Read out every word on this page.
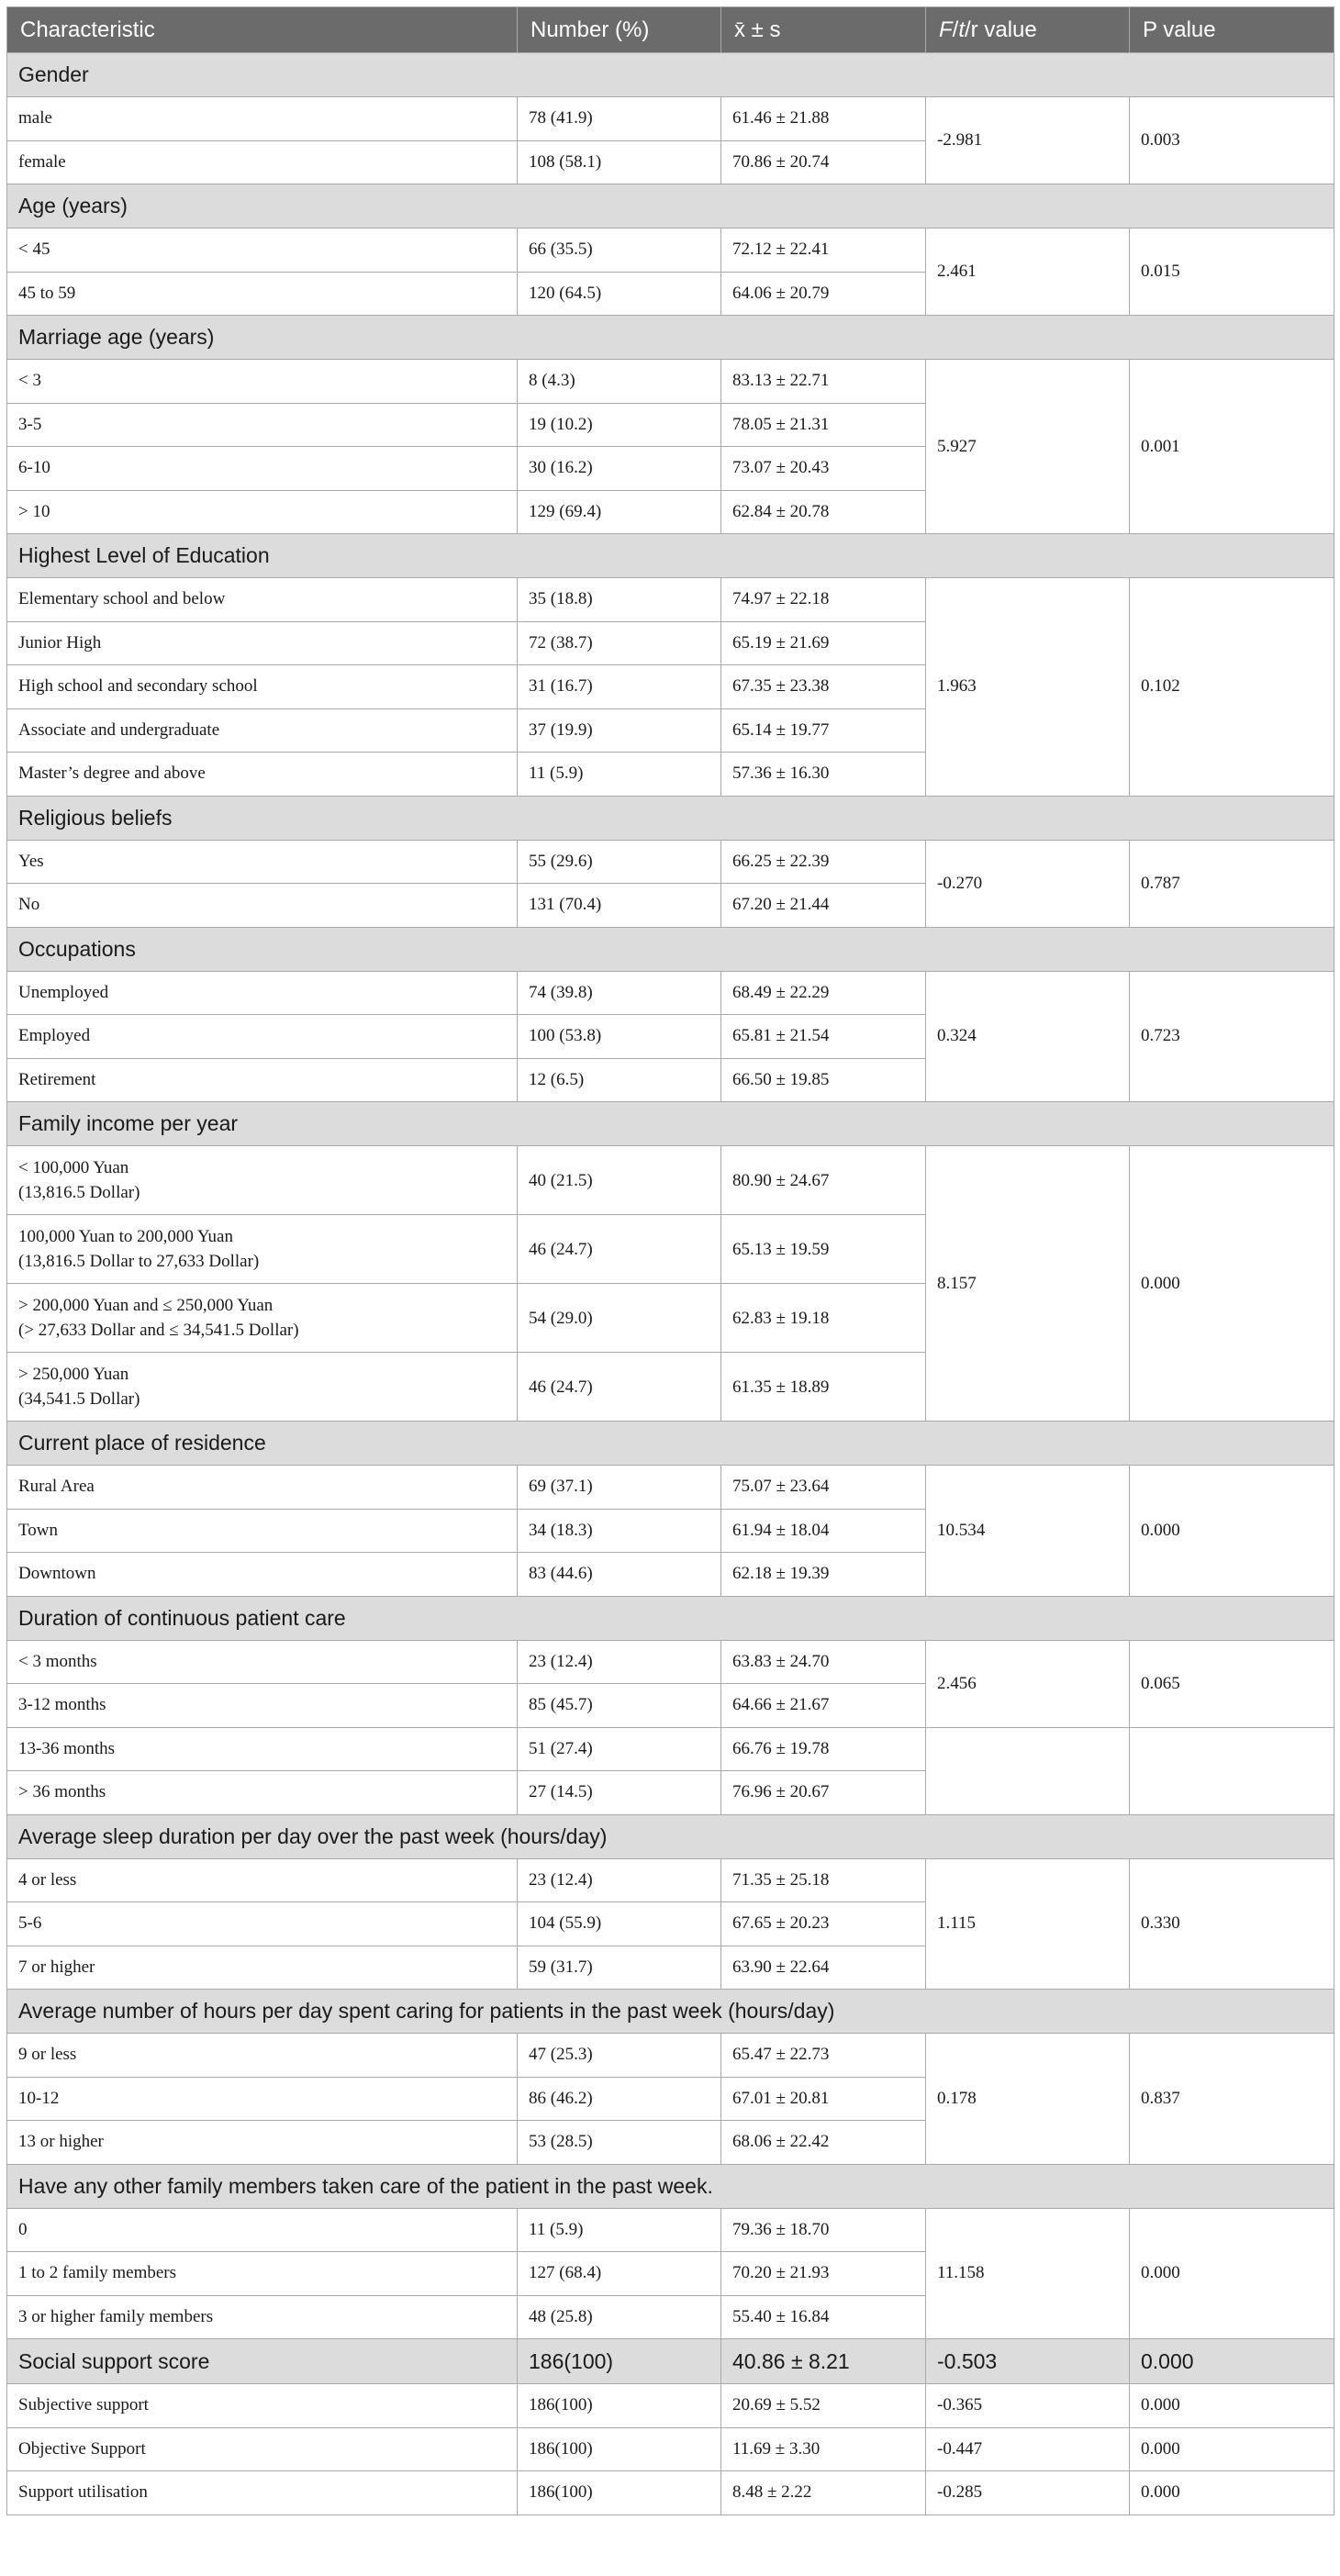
Characteristic	Number (%)	x̄ ± s	F/t/r value	P value
Gender				
male	78 (41.9)	61.46 ± 21.88	-2.981	0.003
female	108 (58.1)	70.86 ± 20.74		
Age (years)				
< 45	66 (35.5)	72.12 ± 22.41	2.461	0.015
45 to 59	120 (64.5)	64.06 ± 20.79		
Marriage age (years)				
< 3	8 (4.3)	83.13 ± 22.71	5.927	0.001
3-5	19 (10.2)	78.05 ± 21.31		
6-10	30 (16.2)	73.07 ± 20.43		
> 10	129 (69.4)	62.84 ± 20.78		
Highest Level of Education				
Elementary school and below	35 (18.8)	74.97 ± 22.18	1.963	0.102
Junior High	72 (38.7)	65.19 ± 21.69		
High school and secondary school	31 (16.7)	67.35 ± 23.38		
Associate and undergraduate	37 (19.9)	65.14 ± 19.77		
Master’s degree and above	11 (5.9)	57.36 ± 16.30		
Religious beliefs				
Yes	55 (29.6)	66.25 ± 22.39	-0.270	0.787
No	131 (70.4)	67.20 ± 21.44		
Occupations				
Unemployed	74 (39.8)	68.49 ± 22.29	0.324	0.723
Employed	100 (53.8)	65.81 ± 21.54		
Retirement	12 (6.5)	66.50 ± 19.85		
Family income per year				
< 100,000 Yuan
(13,816.5 Dollar)	40 (21.5)	80.90 ± 24.67	8.157	0.000
100,000 Yuan to 200,000 Yuan
(13,816.5 Dollar to 27,633 Dollar)	46 (24.7)	65.13 ± 19.59		
> 200,000 Yuan and ≤ 250,000 Yuan
(> 27,633 Dollar and ≤ 34,541.5 Dollar)	54 (29.0)	62.83 ± 19.18		
> 250,000 Yuan
(34,541.5 Dollar)	46 (24.7)	61.35 ± 18.89		
Current place of residence				
Rural Area	69 (37.1)	75.07 ± 23.64	10.534	0.000
Town	34 (18.3)	61.94 ± 18.04		
Downtown	83 (44.6)	62.18 ± 19.39		
Duration of continuous patient care				
< 3 months	23 (12.4)	63.83 ± 24.70	2.456	0.065
3-12 months	85 (45.7)	64.66 ± 21.67		
13-36 months	51 (27.4)	66.76 ± 19.78		
> 36 months	27 (14.5)	76.96 ± 20.67		
Average sleep duration per day over the past week (hours/day)				
4 or less	23 (12.4)	71.35 ± 25.18	1.115	0.330
5-6	104 (55.9)	67.65 ± 20.23		
7 or higher	59 (31.7)	63.90 ± 22.64		
Average number of hours per day spent caring for patients in the past week (hours/day)				
9 or less	47 (25.3)	65.47 ± 22.73	0.178	0.837
10-12	86 (46.2)	67.01 ± 20.81		
13 or higher	53 (28.5)	68.06 ± 22.42		
Have any other family members taken care of the patient in the past week.				
0	11 (5.9)	79.36 ± 18.70	11.158	0.000
1 to 2 family members	127 (68.4)	70.20 ± 21.93		
3 or higher family members	48 (25.8)	55.40 ± 16.84		
Social support score	186(100)	40.86 ± 8.21	-0.503	0.000
Subjective support	186(100)	20.69 ± 5.52	-0.365	0.000
Objective Support	186(100)	11.69 ± 3.30	-0.447	0.000
Support utilisation	186(100)	8.48 ± 2.22	-0.285	0.000
